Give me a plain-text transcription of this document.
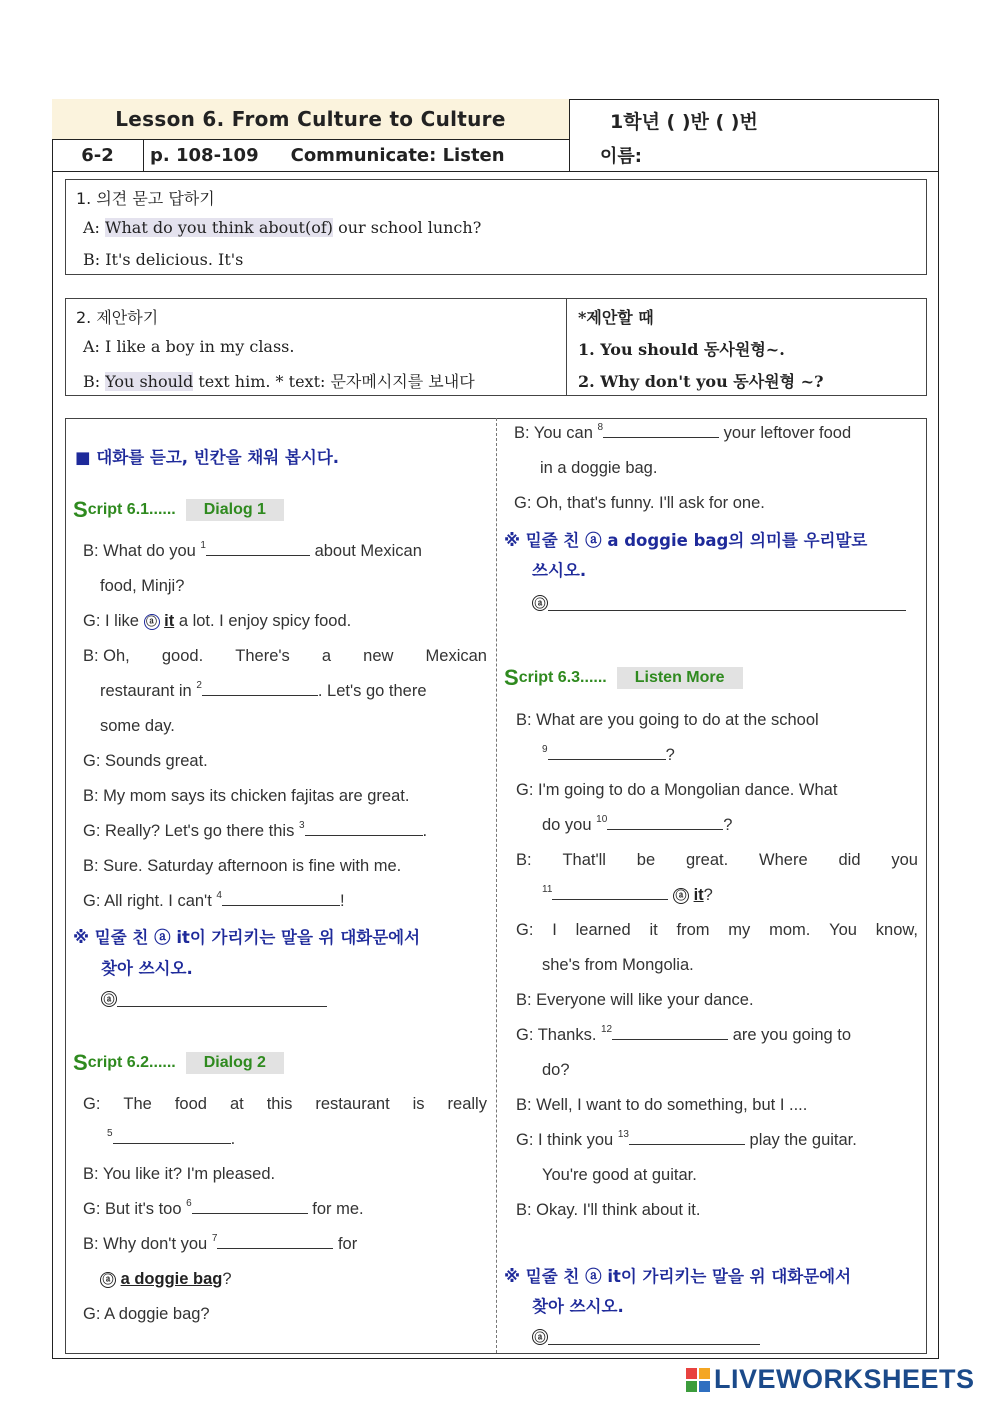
Lesson 6. From Culture to Culture
6-2	p. 108-109 Communicate: Listen
1학년 ( )반 ( )번
이름:
1. 의견 묻고 답하기
A: What do you think about(of) our school lunch?
B: It's delicious. It's
2. 제안하기
A: I like a boy in my class.
B: You should text him. * text: 문자메시지를 보내다
*제안할 때
1. You should 동사원형~.
2. Why don't you 동사원형 ~?
■ 대화를 듣고, 빈칸을 채워 봅시다.
S cript 6.1......	Dialog 1
B: What do you $^1$	about Mexican
food, Minji?
G: I like ⓐ it a lot. I enjoy spicy food.
B: Oh, good. There's a new Mexican
restaurant in $^2$	. Let's go there
some day.
G: Sounds great.
B: My mom says its chicken fajitas are great.
G: Really? Let's go there this $^3$	.
B: Sure. Saturday afternoon is fine with me.
G: All right. I can't $^4$	!
※ 밑줄 친 ⓐ it이 가리키는 말을 위 대화문에서
찾아 쓰시오.
ⓐ
S cript 6.2......	Dialog 2
G: The food at this restaurant is really
$^5$	.
B: You like it? I'm pleased.
G: But it's too $^6$	for me.
B: Why don't you $^7$	for
ⓐ a doggie bag?
G: A doggie bag?
B: You can $^8$	your leftover food
in a doggie bag.
G: Oh, that's funny. I'll ask for one.
※ 밑줄 친 ⓐ a doggie bag의 의미를 우리말로
쓰시오.
ⓐ
S cript 6.3......	Listen More
B: What are you going to do at the school
$^9$	?
G: I'm going to do a Mongolian dance. What
do you $^{10}$	?
B: That'll be great. Where did you
$^{11}$ ⓐ it?
G: I learned it from my mom. You know,
she's from Mongolia.
B: Everyone will like your dance.
G: Thanks. $^{12}$	are you going to
do?
B: Well, I want to do something, but I ....
G: I think you $^{13}$	play the guitar.
You're good at guitar.
B: Okay. I'll think about it.
※ 밑줄 친 ⓐ it이 가리키는 말을 위 대화문에서
찾아 쓰시오.
ⓐ
LIVEWORKSHEETS
